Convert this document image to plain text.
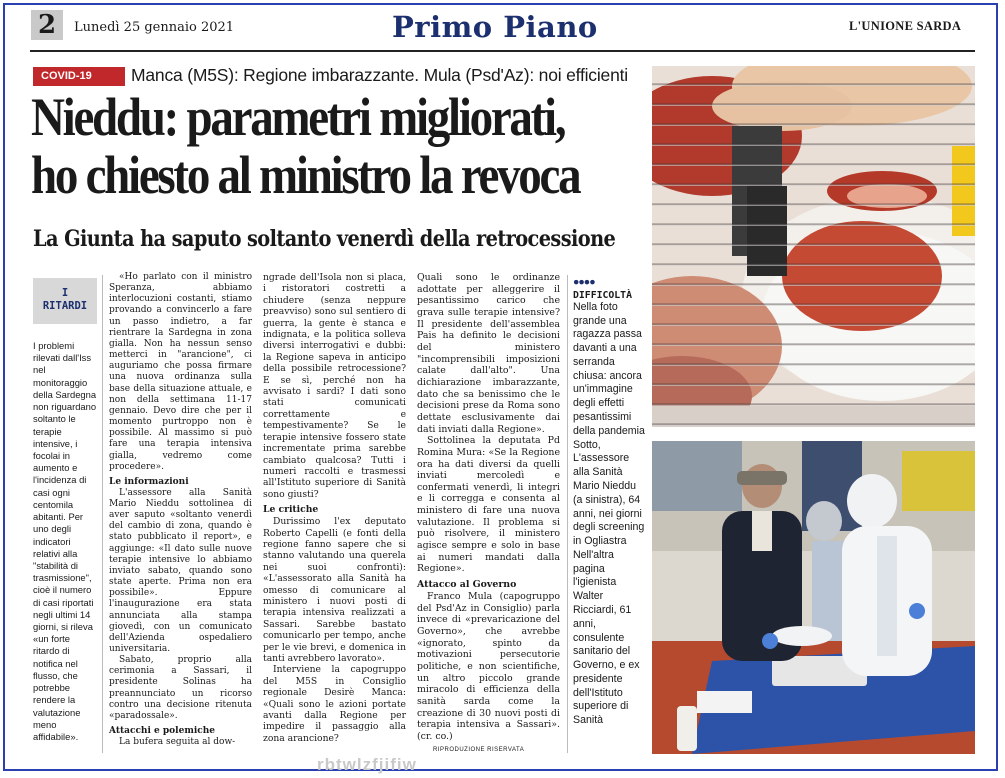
2	Lunedì 25 gennaio 2021	Primo Piano	L'UNIONE SARDA
COVID-19	Manca (M5S): Regione imbarazzante. Mula (Psd'Az): noi efficienti
Nieddu: parametri migliorati,
ho chiesto al ministro la revoca
La Giunta ha saputo soltanto venerdì della retrocessione
I
RITARDI
I problemi rilevati dall'Iss nel monitoraggio della Sardegna non riguardano soltanto le terapie intensive, i focolai in aumento e l'incidenza di casi ogni centomila abitanti. Per uno degli indicatori relativi alla "stabilità di trasmissione", cioè il numero di casi riportati negli ultimi 14 giorni, si rileva «un forte ritardo di notifica nel flusso, che potrebbe rendere la valutazione meno affidabile».

«Ho parlato con il ministro Speranza, abbiamo interlocuzioni costanti, stiamo provando a convincerlo a fare un passo indietro, a far rientrare la Sardegna in zona gialla. Non ha nessun senso metterci in "arancione", ci auguriamo che possa firmare una nuova ordinanza sulla base della situazione attuale, e non della settimana 11-17 gennaio. Devo dire che per il momento purtroppo non è possibile. Al massimo si può fare una terapia intensiva gialla, vedremo come procedere».

Le informazioni

L'assessore alla Sanità Mario Nieddu sottolinea di aver saputo «soltanto venerdì del cambio di zona, quando è stato pubblicato il report», e aggiunge: «Il dato sulle nuove terapie intensive lo abbiamo inviato sabato, quando sono state aperte. Prima non era possibile». Eppure l'inaugurazione era stata annunciata alla stampa giovedì, con un comunicato dell'Azienda ospedaliero universitaria.

Sabato, proprio alla cerimonia a Sassari, il presidente Solinas ha preannunciato un ricorso contro una decisione ritenuta «paradossale».

Attacchi e polemiche

La bufera seguita al dow-

ngrade dell'Isola non si placa, i ristoratori costretti a chiudere (senza neppure preavviso) sono sul sentiero di guerra, la gente è stanca e indignata, e la politica solleva diversi interrogativi e dubbi: la Regione sapeva in anticipo della possibile retrocessione? E se sì, perché non ha avvisato i sardi? I dati sono stati comunicati correttamente e tempestivamente? Se le terapie intensive fossero state incrementate prima sarebbe cambiato qualcosa? Tutti i numeri raccolti e trasmessi all'Istituto superiore di Sanità sono giusti?

Le critiche

Durissimo l'ex deputato Roberto Capelli (e fonti della regione fanno sapere che si stanno valutando una querela nei suoi confronti): «L'assessorato alla Sanità ha omesso di comunicare al ministero i nuovi posti di terapia intensiva realizzati a Sassari. Sarebbe bastato comunicarlo per tempo, anche per le vie brevi, e domenica in tanti avrebbero lavorato».

Interviene la capogruppo del M5S in Consiglio regionale Desirè Manca: «Quali sono le azioni portate avanti dalla Regione per impedire il passaggio alla zona arancione?

Quali sono le ordinanze adottate per alleggerire il pesantissimo carico che grava sulle terapie intensive? Il presidente dell'assemblea Pais ha definito le decisioni del ministero "incomprensibili imposizioni calate dall'alto". Una dichiarazione imbarazzante, dato che sa benissimo che le decisioni prese da Roma sono dettate esclusivamente dai dati inviati dalla Regione».

Sottolinea la deputata Pd Romina Mura: «Se la Regione ora ha dati diversi da quelli inviati mercoledì e confermati venerdì, li integri e li corregga e consenta al ministero di fare una nuova valutazione. Il problema si può risolvere, il ministero agisce sempre e solo in base ai numeri mandati dalla Regione».

Attacco al Governo

Franco Mula (capogruppo del Psd'Az in Consiglio) parla invece di «prevaricazione del Governo», che avrebbe «ignorato, spinto da motivazioni persecutorie politiche, e non scientifiche, un altro piccolo grande miracolo di efficienza della sanità sarda come la creazione di 30 nuovi posti di terapia intensiva a Sassari». (cr. co.)

●●●●
DIFFICOLTÀ
Nella foto grande una ragazza passa davanti a una serranda chiusa: ancora un'immagine degli effetti pesantissimi della pandemia Sotto, L'assessore alla Sanità Mario Nieddu (a sinistra), 64 anni, nei giorni degli screening in Ogliastra Nell'altra pagina l'igienista Walter Ricciardi, 61 anni, consulente sanitario del Governo, e ex presidente dell'Istituto superiore di Sanità
RIPRODUZIONE RISERVATA
rbtwlzfjifiw
